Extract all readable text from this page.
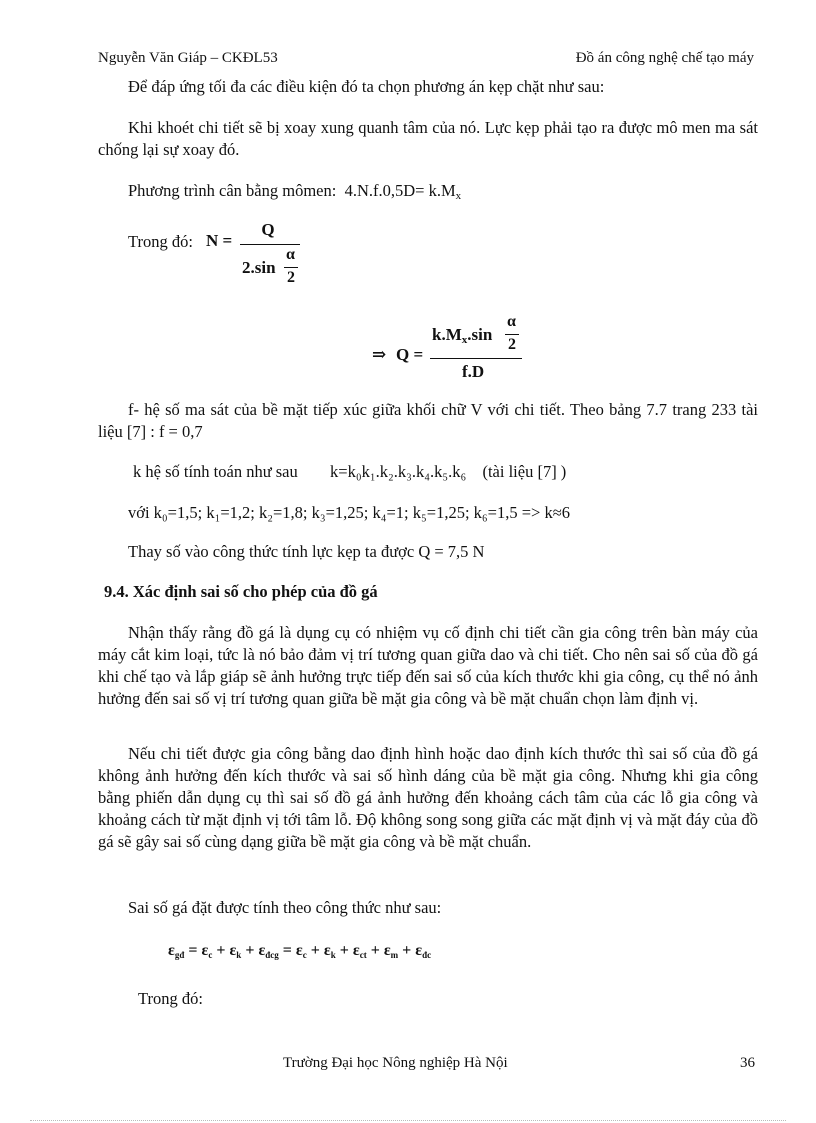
Nguyễn Văn Giáp – CKĐL53	Đồ án công nghệ chế tạo máy
Để đáp ứng tối đa các điều kiện đó ta chọn phương án kẹp chặt như sau:
Khi khoét chi tiết sẽ bị xoay xung quanh tâm của nó. Lực kẹp phải tạo ra được mô men ma sát chống lại sự xoay đó.
Phương trình cân bằng mômen: $4.N.f.0,5D= k.M_x$
Trong đó: N =
Q
2.sin
α
2
⇒ Q =
$k.M_x.\sin$
α
2
f.D
f- hệ số ma sát của bề mặt tiếp xúc giữa khối chữ V với chi tiết. Theo bảng 7.7 trang 233 tài liệu [7] : f = 0,7
k hệ số tính toán như sau k=k₀k₁.k₂.k₃.k₄.k₅.k₆ (tài liệu [7] )
với k₀=1,5; k₁=1,2; k₂=1,8; k₃=1,25; k₄=1; k₅=1,25; k₆=1,5 => k≈6
Thay số vào công thức tính lực kẹp ta được Q = 7,5 N
9.4. Xác định sai số cho phép của đồ gá
Nhận thấy rằng đồ gá là dụng cụ có nhiệm vụ cố định chi tiết cần gia công trên bàn máy của máy cắt kim loại, tức là nó bảo đảm vị trí tương quan giữa dao và chi tiết. Cho nên sai số của đồ gá khi chế tạo và lắp giáp sẽ ảnh hưởng trực tiếp đến sai số của kích thước khi gia công, cụ thể nó ảnh hưởng đến sai số vị trí tương quan giữa bề mặt gia công và bề mặt chuẩn chọn làm định vị.
Nếu chi tiết được gia công bằng dao định hình hoặc dao định kích thước thì sai số của đồ gá không ảnh hưởng đến kích thước và sai số hình dáng của bề mặt gia công. Nhưng khi gia công bằng phiến dẫn dụng cụ thì sai số đồ gá ảnh hưởng đến khoảng cách tâm của các lỗ gia công và khoảng cách từ mặt định vị tới tâm lỗ. Độ không song song giữa các mặt định vị và mặt đáy của đồ gá sẽ gây sai số cùng dạng giữa bề mặt gia công và bề mặt chuẩn.
Sai số gá đặt được tính theo công thức như sau:
εgđ = εc + εk + εđcg = εc + εk + εct + εm + εđc
Trong đó:
Trường Đại học Nông nghiệp Hà Nội	36
